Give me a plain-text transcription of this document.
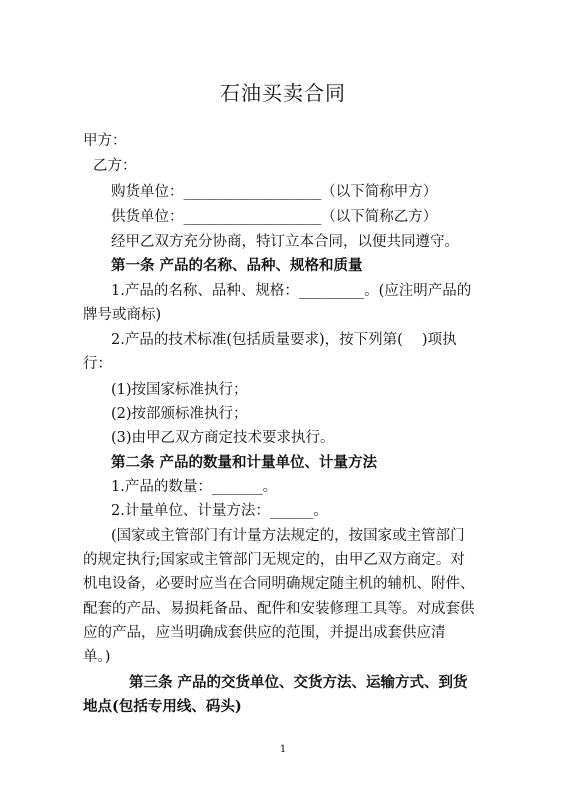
石油买卖合同
甲方：
乙方：
购货单位：___________________（以下简称甲方）
供货单位：___________________（以下简称乙方）
经甲乙双方充分协商，特订立本合同，以便共同遵守。
第一条 产品的名称、品种、规格和质量
1.产品的名称、品种、规格：_________。(应注明产品的
牌号或商标)
2.产品的技术标准(包括质量要求)，按下列第(　 )项执
行：
(1)按国家标准执行；
(2)按部颁标准执行；
(3)由甲乙双方商定技术要求执行。
第二条 产品的数量和计量单位、计量方法
1.产品的数量：_______。
2.计量单位、计量方法：______。
(国家或主管部门有计量方法规定的，按国家或主管部门
的规定执行;国家或主管部门无规定的，由甲乙双方商定。对
机电设备，必要时应当在合同明确规定随主机的辅机、附件、
配套的产品、易损耗备品、配件和安装修理工具等。对成套供
应的产品，应当明确成套供应的范围，并提出成套供应清
单。)
第三条 产品的交货单位、交货方法、运输方式、到货
地点(包括专用线、码头)
1
